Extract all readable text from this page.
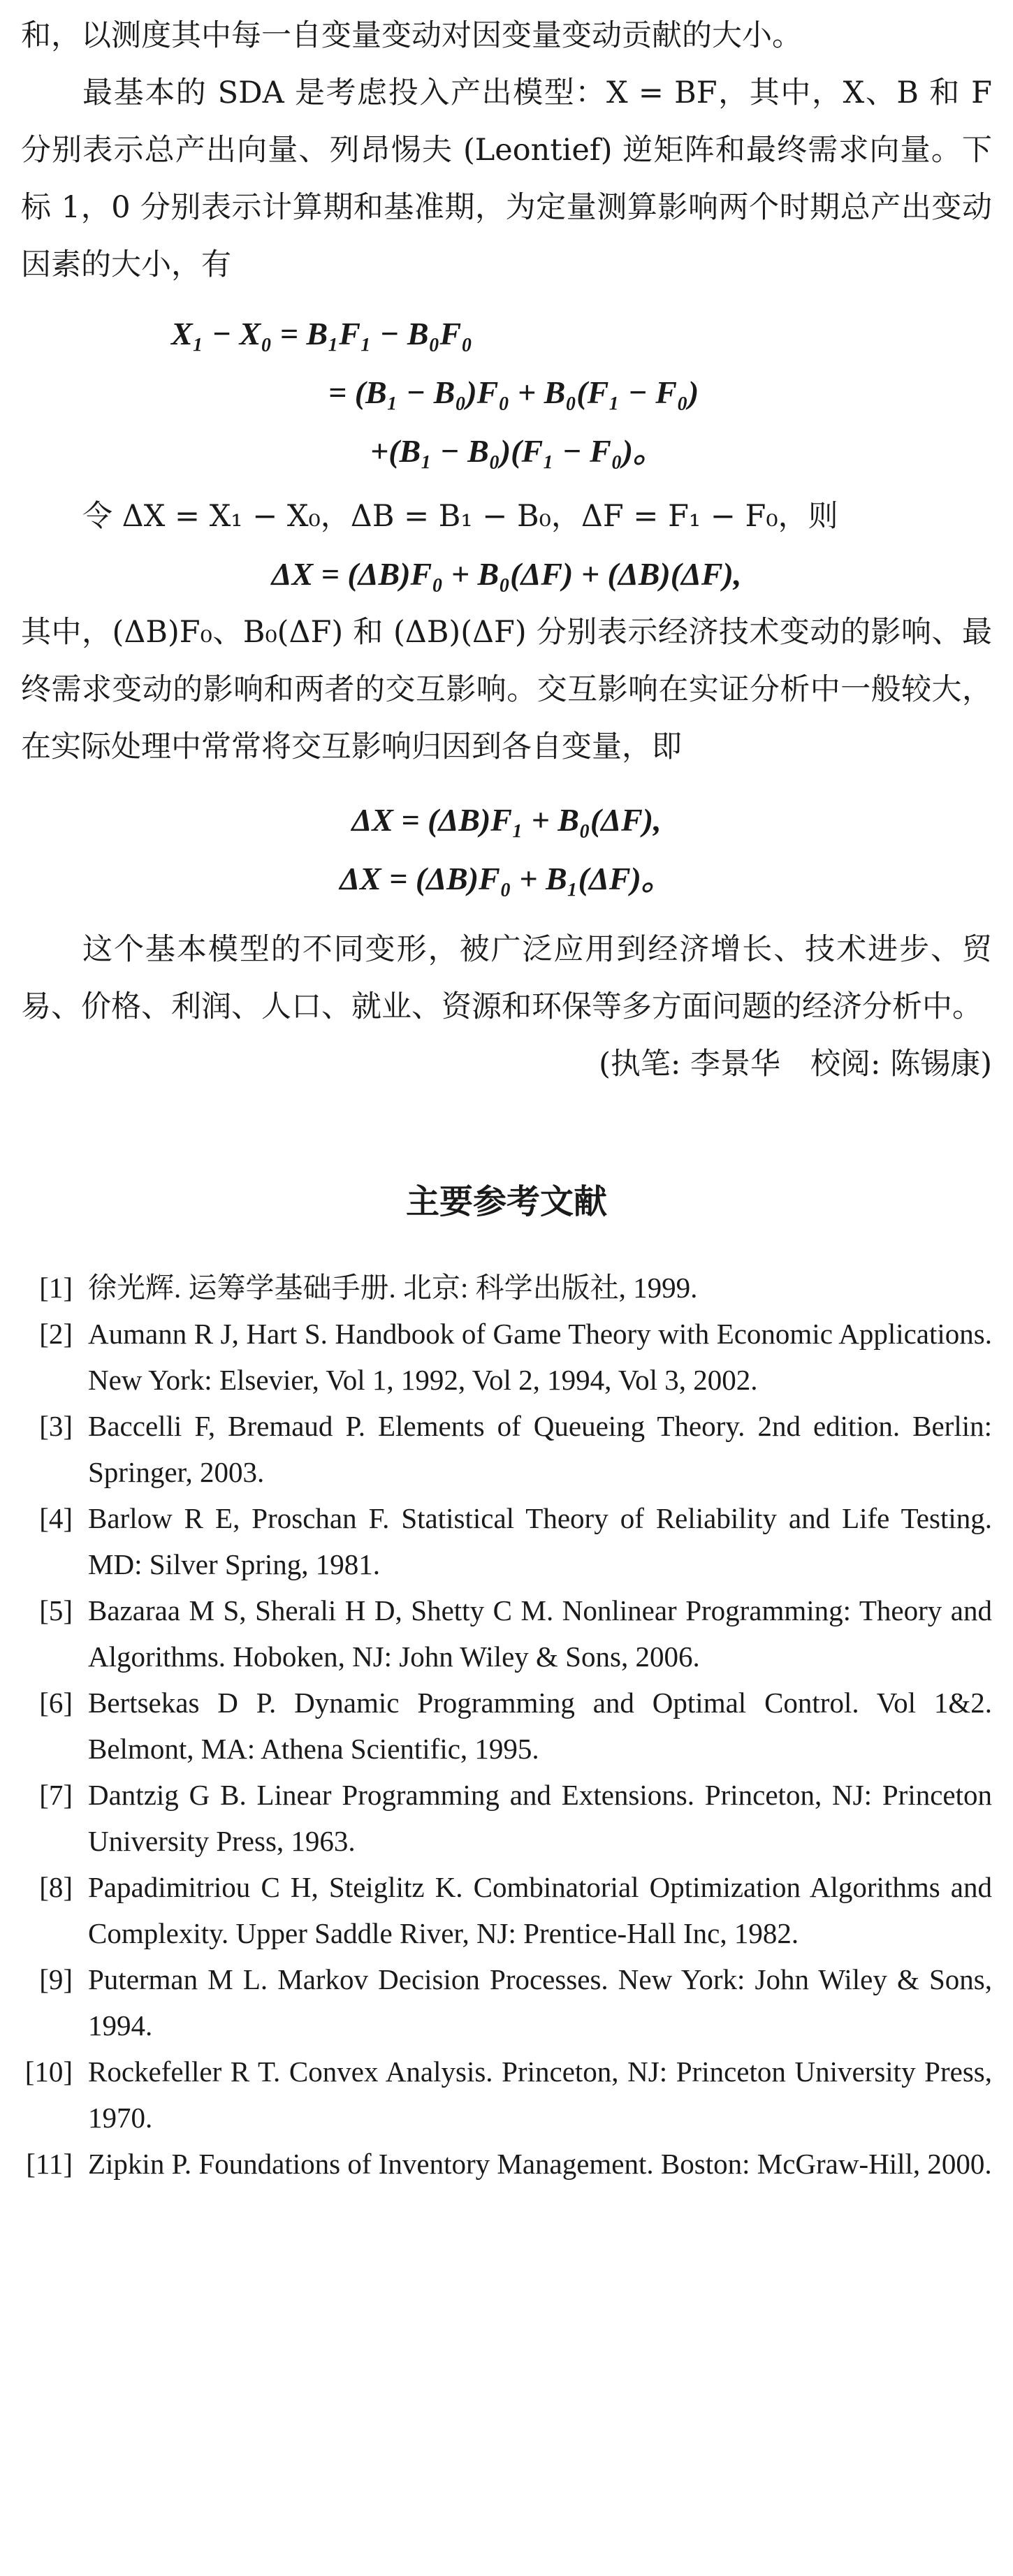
和，以测度其中每一自变量变动对因变量变动贡献的大小。

最基本的 SDA 是考虑投入产出模型：X = BF，其中，X、B 和 F 分别表示总产出向量、列昂惕夫 (Leontief) 逆矩阵和最终需求向量。下标 1，0 分别表示计算期和基准期，为定量测算影响两个时期总产出变动因素的大小，有

X₁ − X₀ = B₁F₁ − B₀F₀
= (B₁ − B₀)F₀ + B₀(F₁ − F₀)
+(B₁ − B₀)(F₁ − F₀)。

令 ΔX = X₁ − X₀，ΔB = B₁ − B₀，ΔF = F₁ − F₀，则

ΔX = (ΔB)F₀ + B₀(ΔF) + (ΔB)(ΔF),

其中，(ΔB)F₀、B₀(ΔF) 和 (ΔB)(ΔF) 分别表示经济技术变动的影响、最终需求变动的影响和两者的交互影响。交互影响在实证分析中一般较大，在实际处理中常常将交互影响归因到各自变量，即

ΔX = (ΔB)F₁ + B₀(ΔF),
ΔX = (ΔB)F₀ + B₁(ΔF)。

这个基本模型的不同变形，被广泛应用到经济增长、技术进步、贸易、价格、利润、人口、就业、资源和环保等多方面问题的经济分析中。

(执笔: 李景华　校阅: 陈锡康)

主要参考文献
[1] 徐光辉. 运筹学基础手册. 北京: 科学出版社, 1999.
[2] Aumann R J, Hart S. Handbook of Game Theory with Economic Applications. New York: Elsevier, Vol 1, 1992, Vol 2, 1994, Vol 3, 2002.
[3] Baccelli F, Bremaud P. Elements of Queueing Theory. 2nd edition. Berlin: Springer, 2003.
[4] Barlow R E, Proschan F. Statistical Theory of Reliability and Life Testing. MD: Silver Spring, 1981.
[5] Bazaraa M S, Sherali H D, Shetty C M. Nonlinear Programming: Theory and Algorithms. Hoboken, NJ: John Wiley & Sons, 2006.
[6] Bertsekas D P. Dynamic Programming and Optimal Control. Vol 1&2. Belmont, MA: Athena Scientific, 1995.
[7] Dantzig G B. Linear Programming and Extensions. Princeton, NJ: Princeton University Press, 1963.
[8] Papadimitriou C H, Steiglitz K. Combinatorial Optimization Algorithms and Complexity. Upper Saddle River, NJ: Prentice-Hall Inc, 1982.
[9] Puterman M L. Markov Decision Processes. New York: John Wiley & Sons, 1994.
[10] Rockefeller R T. Convex Analysis. Princeton, NJ: Princeton University Press, 1970.
[11] Zipkin P. Foundations of Inventory Management. Boston: McGraw-Hill, 2000.
